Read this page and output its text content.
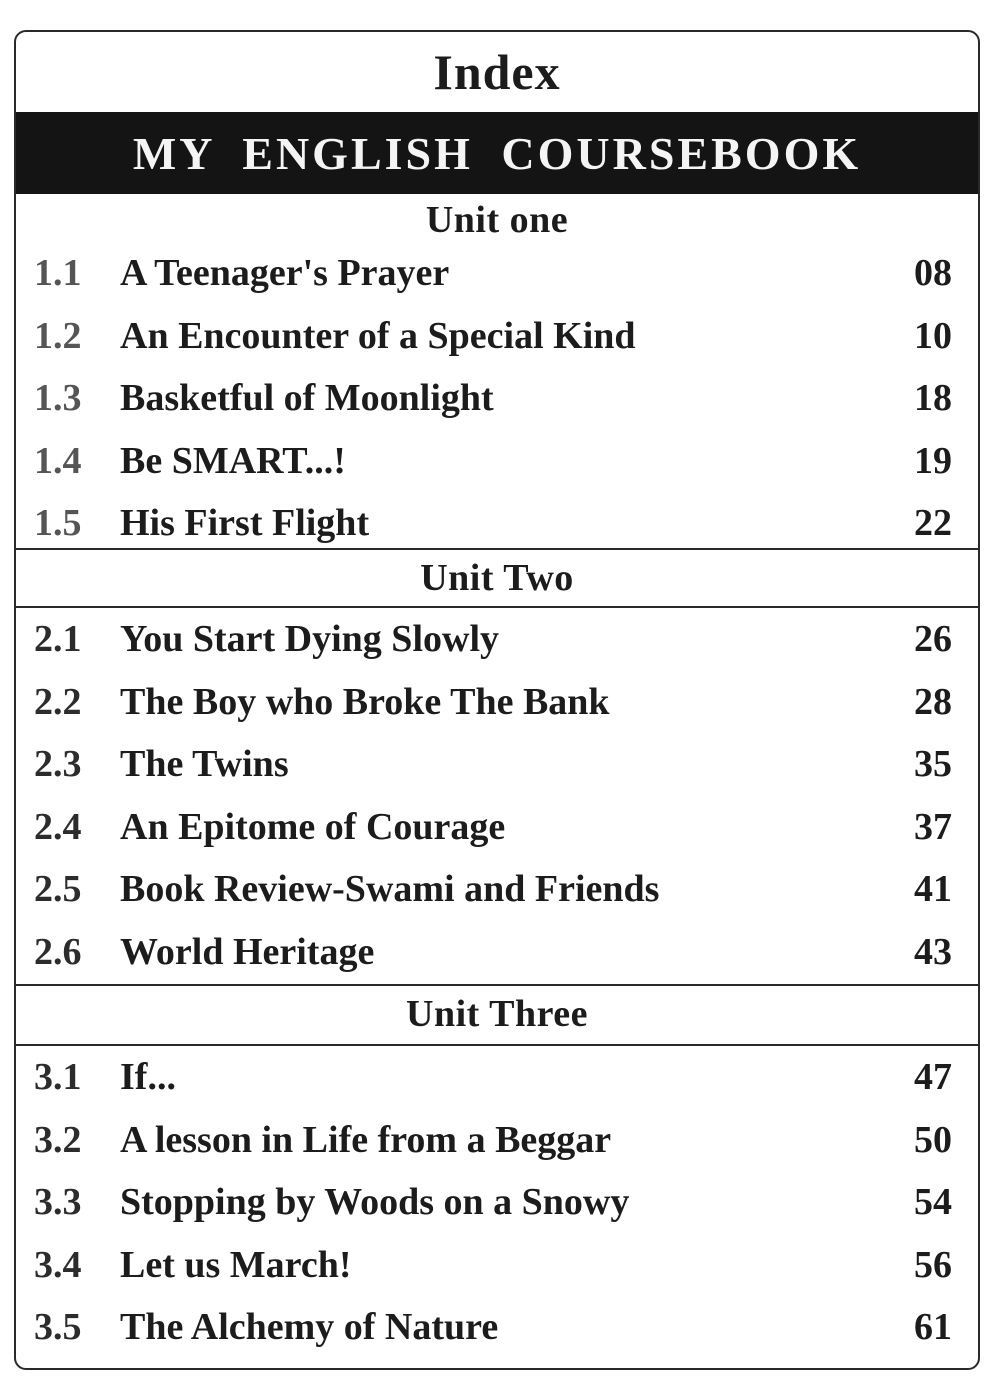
Index
MY ENGLISH COURSEBOOK
Unit one
1.1	A Teenager's Prayer	08
1.2	An Encounter of a Special Kind	10
1.3	Basketful of Moonlight	18
1.4	Be SMART...!	19
1.5	His First Flight	22
Unit Two
2.1	You Start Dying Slowly	26
2.2	The Boy who Broke The Bank	28
2.3	The Twins	35
2.4	An Epitome of Courage	37
2.5	Book Review-Swami and Friends	41
2.6	World Heritage	43
Unit Three
3.1	If...	47
3.2	A lesson in Life from a Beggar	50
3.3	Stopping by Woods on a Snowy	54
3.4	Let us March!	56
3.5	The Alchemy of Nature	61
